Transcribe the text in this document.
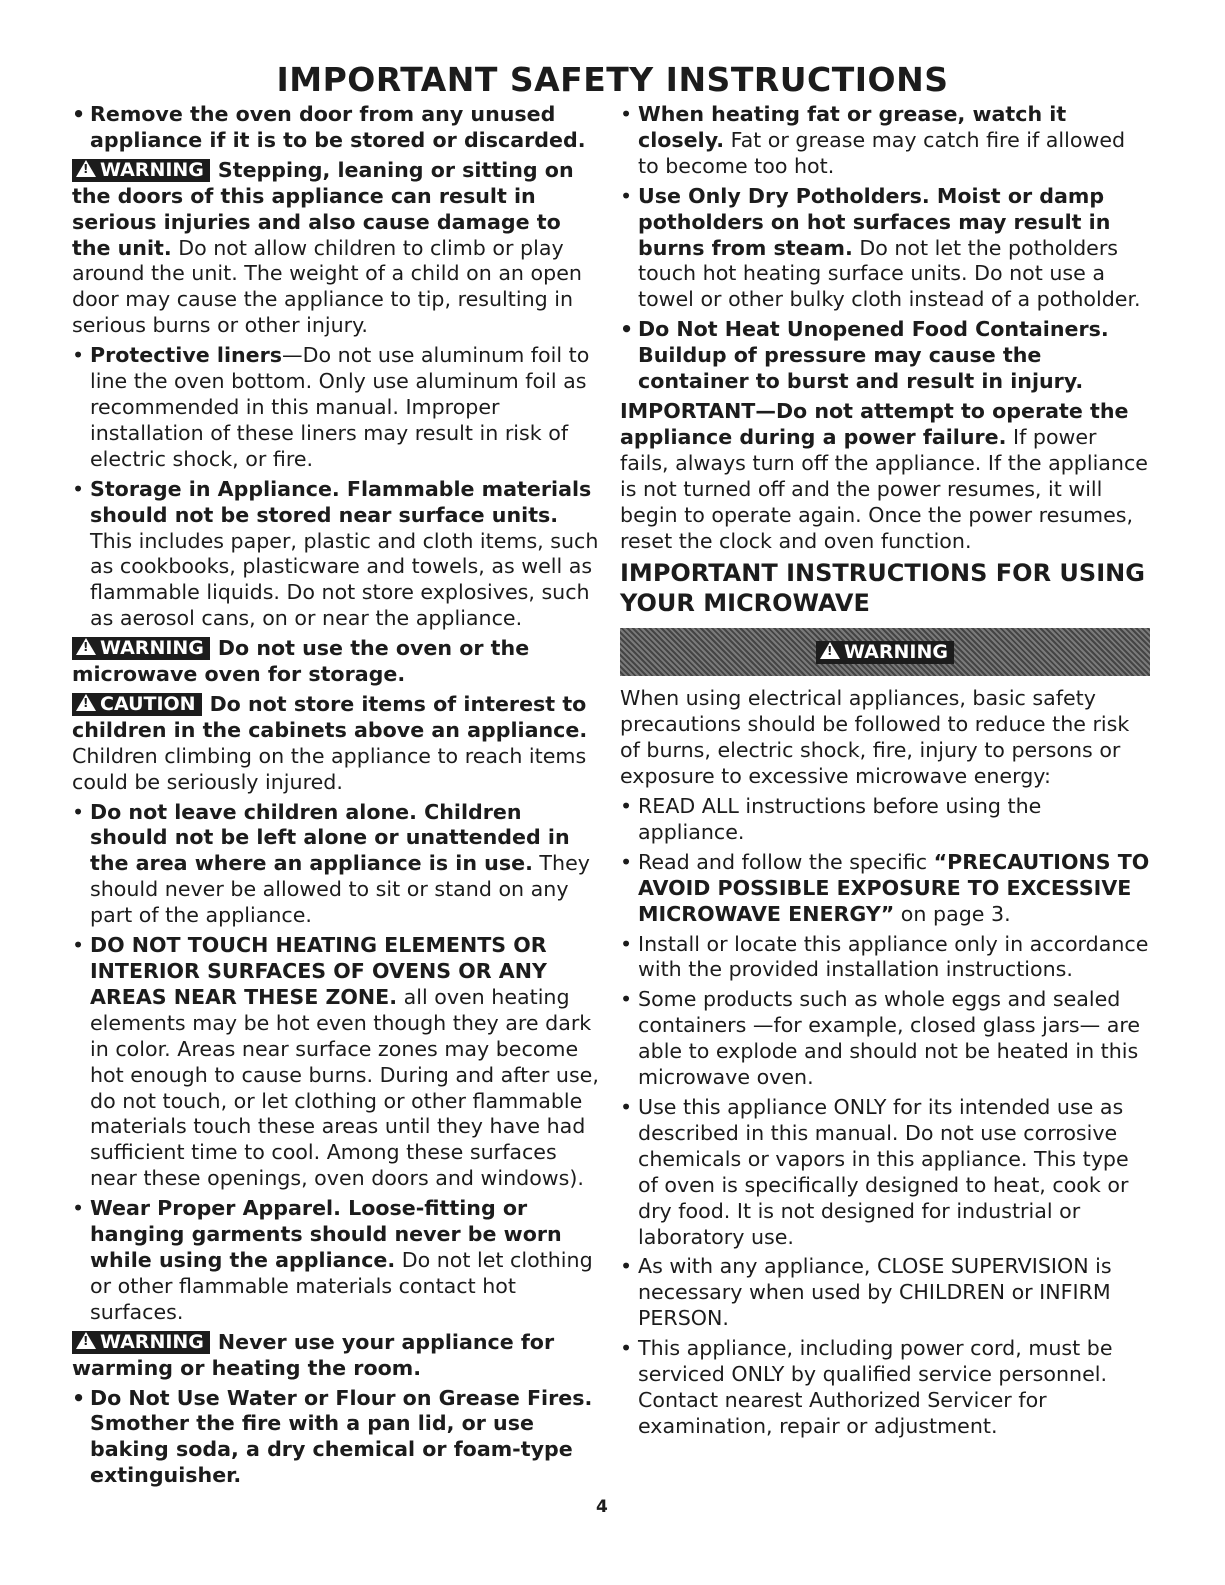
IMPORTANT SAFETY INSTRUCTIONS

• Remove the oven door from any unused appliance if it is to be stored or discarded.

!WARNING Stepping, leaning or sitting on the doors of this appliance can result in serious injuries and also cause damage to the unit. Do not allow children to climb or play around the unit. The weight of a child on an open door may cause the appliance to tip, resulting in serious burns or other injury.

• Protective liners—Do not use aluminum foil to line the oven bottom. Only use aluminum foil as recommended in this manual. Improper installation of these liners may result in risk of electric shock, or fire.

• Storage in Appliance. Flammable materials should not be stored near surface units. This includes paper, plastic and cloth items, such as cookbooks, plasticware and towels, as well as flammable liquids. Do not store explosives, such as aerosol cans, on or near the appliance.

!WARNING Do not use the oven or the microwave oven for storage.

!CAUTION Do not store items of interest to children in the cabinets above an appliance. Children climbing on the appliance to reach items could be seriously injured.

• Do not leave children alone. Children should not be left alone or unattended in the area where an appliance is in use. They should never be allowed to sit or stand on any part of the appliance.

• DO NOT TOUCH HEATING ELEMENTS OR INTERIOR SURFACES OF OVENS OR ANY AREAS NEAR THESE ZONE. all oven heating elements may be hot even though they are dark in color. Areas near surface zones may become hot enough to cause burns. During and after use, do not touch, or let clothing or other flammable materials touch these areas until they have had sufficient time to cool. Among these surfaces near these openings, oven doors and windows).

• Wear Proper Apparel. Loose-fitting or hanging garments should never be worn while using the appliance. Do not let clothing or other flammable materials contact hot surfaces.

!WARNING Never use your appliance for warming or heating the room.

• Do Not Use Water or Flour on Grease Fires. Smother the fire with a pan lid, or use baking soda, a dry chemical or foam-type extinguisher.

• When heating fat or grease, watch it closely. Fat or grease may catch fire if allowed to become too hot.

• Use Only Dry Potholders. Moist or damp potholders on hot surfaces may result in burns from steam. Do not let the potholders touch hot heating surface units. Do not use a towel or other bulky cloth instead of a potholder.

• Do Not Heat Unopened Food Containers. Buildup of pressure may cause the container to burst and result in injury.

IMPORTANT—Do not attempt to operate the appliance during a power failure. If power fails, always turn off the appliance. If the appliance is not turned off and the power resumes, it will begin to operate again. Once the power resumes, reset the clock and oven function.

IMPORTANT INSTRUCTIONS FOR USING YOUR MICROWAVE
!WARNING

When using electrical appliances, basic safety precautions should be followed to reduce the risk of burns, electric shock, fire, injury to persons or exposure to excessive microwave energy:

• READ ALL instructions before using the appliance.

• Read and follow the specific “PRECAUTIONS TO AVOID POSSIBLE EXPOSURE TO EXCESSIVE MICROWAVE ENERGY” on page 3.

• Install or locate this appliance only in accordance with the provided installation instructions.

• Some products such as whole eggs and sealed containers —for example, closed glass jars— are able to explode and should not be heated in this microwave oven.

• Use this appliance ONLY for its intended use as described in this manual. Do not use corrosive chemicals or vapors in this appliance. This type of oven is specifically designed to heat, cook or dry food. It is not designed for industrial or laboratory use.

• As with any appliance, CLOSE SUPERVISION is necessary when used by CHILDREN or INFIRM PERSON.

• This appliance, including power cord, must be serviced ONLY by qualified service personnel. Contact nearest Authorized Servicer for examination, repair or adjustment.

4
